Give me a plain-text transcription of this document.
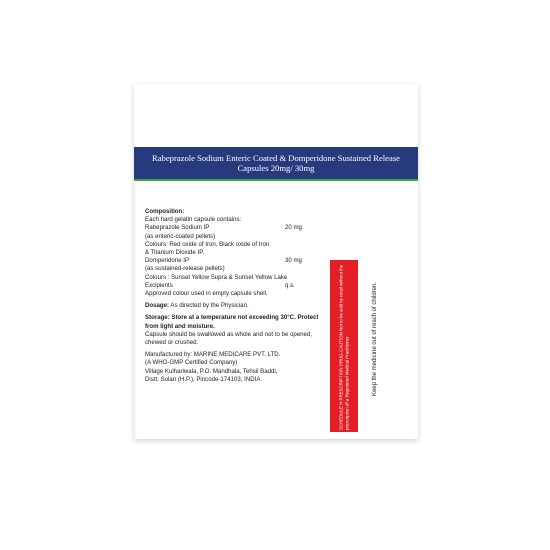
Rabeprazole Sodium Enteric Coated & Domperidone Sustained Release Capsules 20mg/ 30mg
Composition:
Each hard gelatin capsule contains:
Rabeprazole Sodium IP	20 mg
(as enteric-coated pellets)
Colours: Red oxide of Iron, Black oxide of Iron
& Titanium Dioxide IP.
Domperidone IP	30 mg
(as sustained-release pellets)
Colours : Sunset Yellow Supra & Sunset Yellow Lake
Excipients	q.s.
Approved colour used in empty capsule shell.
Dosage: As directed by the Physician.
Storage: Store at a temperature not exceeding 30°C. Protect from light and moisture.
Capsule should be swallowed as whole and not to be opened, chewed or crushed.
Manufactured by: MARINE MEDICARE PVT. LTD.
(A WHO-GMP Certified Company)
Village Kulhariwala, P.O. Mandhala, Tehsil Baddi,
Distt. Solan (H.P.), Pincode-174103, INDIA	SCHEDULE H PRESCRIPTION DRUG-CAUTION Not to be sold by retail without the prescription of a Registered Medical Practitioner	Keep the medicine out of reach of children.
